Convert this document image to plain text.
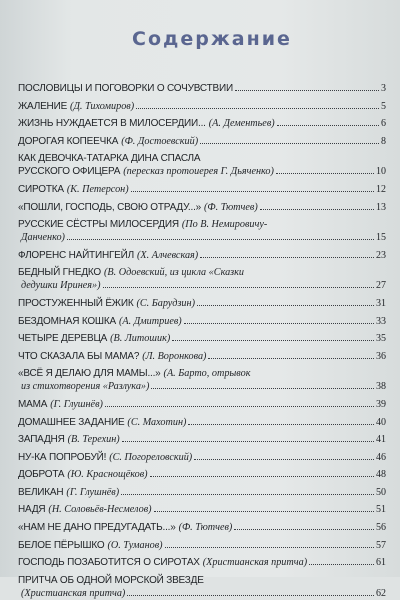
Содержание
ПОСЛОВИЦЫ И ПОГОВОРКИ О СОЧУВСТВИИ	3
ЖАЛЕНИЕ (Д. Тихомиров)	5
ЖИЗНЬ НУЖДАЕТСЯ В МИЛОСЕРДИИ... (А. Дементьев)	6
ДОРОГАЯ КОПЕЕЧКА (Ф. Достоевский)	8
КАК ДЕВОЧКА-ТАТАРКА ДИНА СПАСЛА
РУССКОГО ОФИЦЕРА (пересказ протоиерея Г. Дьяченко)	10
СИРОТКА (К. Петерсон)	12
«ПОШЛИ, ГОСПОДЬ, СВОЮ ОТРАДУ...» (Ф. Тютчев)	13
РУССКИЕ СЁСТРЫ МИЛОСЕРДИЯ (По В. Немировичу-
Данченко)	15
ФЛОРЕНС НАЙТИНГЕЙЛ (Х. Алчевская)	23
БЕДНЫЙ ГНЕДКО (В. Одоевский, из цикла «Сказки
дедушки Иринея»)	27
ПРОСТУЖЕННЫЙ ЁЖИК (С. Барудзин)	31
БЕЗДОМНАЯ КОШКА (А. Дмитриев)	33
ЧЕТЫРЕ ДЕРЕВЦА (В. Литошик)	35
ЧТО СКАЗАЛА БЫ МАМА? (Л. Воронкова)	36
«ВСЁ Я ДЕЛАЮ ДЛЯ МАМЫ...» (А. Барто, отрывок
из стихотворения «Разлука»)	38
МАМА (Г. Глушнёв)	39
ДОМАШНЕЕ ЗАДАНИЕ (С. Махотин)	40
ЗАПАДНЯ (В. Терехин)	41
НУ-КА ПОПРОБУЙ! (С. Погореловский)	46
ДОБРОТА (Ю. Краснощёков)	48
ВЕЛИКАН (Г. Глушнёв)	50
НАДЯ (Н. Соловьёв-Несмелов)	51
«НАМ НЕ ДАНО ПРЕДУГАДАТЬ...» (Ф. Тютчев)	56
БЕЛОЕ ПЁРЫШКО (О. Туманов)	57
ГОСПОДЬ ПОЗАБОТИТСЯ О СИРОТАХ (Христианская притча)	61
ПРИТЧА ОБ ОДНОЙ МОРСКОЙ ЗВЕЗДЕ
(Христианская притча)	62
